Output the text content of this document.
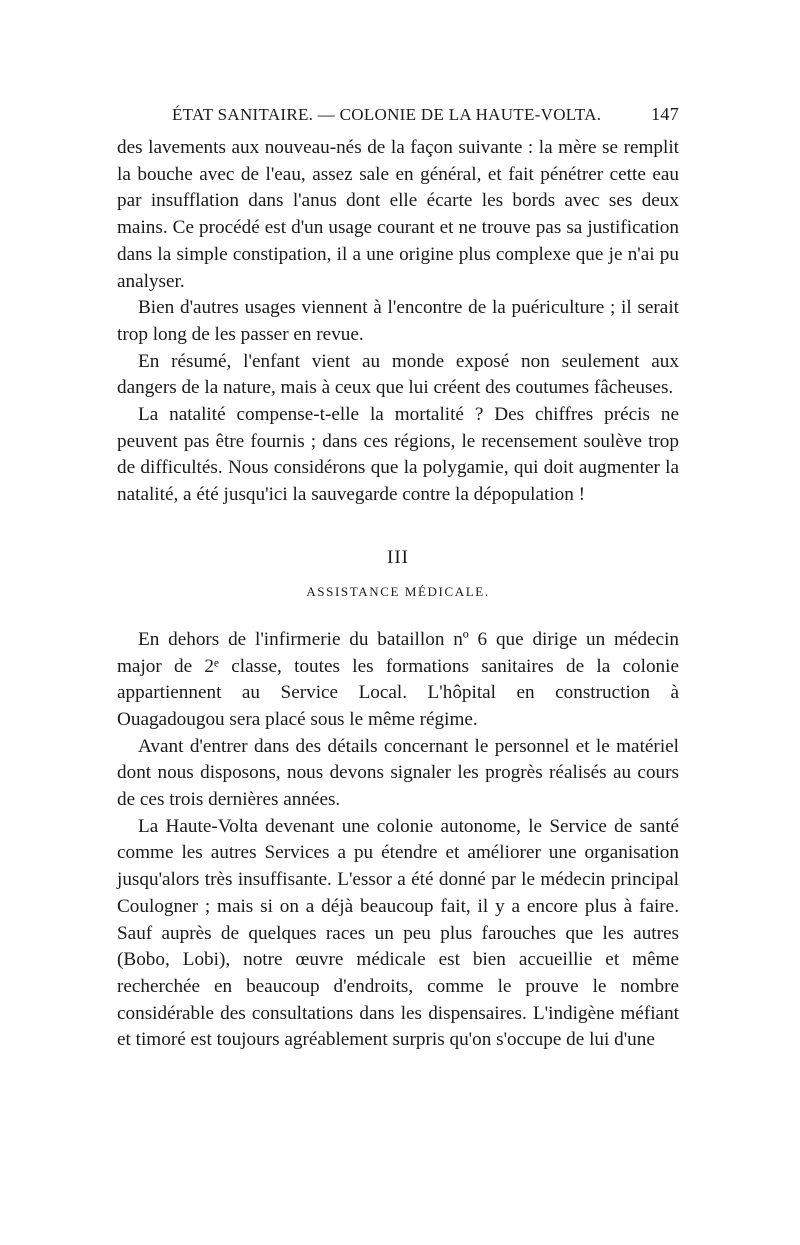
ÉTAT SANITAIRE. — COLONIE DE LA HAUTE-VOLTA.	147

des lavements aux nouveau-nés de la façon suivante : la mère se remplit la bouche avec de l'eau, assez sale en général, et fait pénétrer cette eau par insufflation dans l'anus dont elle écarte les bords avec ses deux mains. Ce procédé est d'un usage courant et ne trouve pas sa justification dans la simple constipation, il a une origine plus complexe que je n'ai pu analyser.

Bien d'autres usages viennent à l'encontre de la puériculture ; il serait trop long de les passer en revue.

En résumé, l'enfant vient au monde exposé non seulement aux dangers de la nature, mais à ceux que lui créent des coutumes fâcheuses.

La natalité compense-t-elle la mortalité ? Des chiffres précis ne peuvent pas être fournis ; dans ces régions, le recensement soulève trop de difficultés. Nous considérons que la polygamie, qui doit augmenter la natalité, a été jusqu'ici la sauvegarde contre la dépopulation !

III
ASSISTANCE MÉDICALE.

En dehors de l'infirmerie du bataillon nº 6 que dirige un médecin major de 2ᵉ classe, toutes les formations sanitaires de la colonie appartiennent au Service Local. L'hôpital en construction à Ouagadougou sera placé sous le même régime.

Avant d'entrer dans des détails concernant le personnel et le matériel dont nous disposons, nous devons signaler les progrès réalisés au cours de ces trois dernières années.

La Haute-Volta devenant une colonie autonome, le Service de santé comme les autres Services a pu étendre et améliorer une organisation jusqu'alors très insuffisante. L'essor a été donné par le médecin principal Coulogner ; mais si on a déjà beaucoup fait, il y a encore plus à faire. Sauf auprès de quelques races un peu plus farouches que les autres (Bobo, Lobi), notre œuvre médicale est bien accueillie et même recherchée en beaucoup d'endroits, comme le prouve le nombre considérable des consultations dans les dispensaires. L'indigène méfiant et timoré est toujours agréablement surpris qu'on s'occupe de lui d'une
